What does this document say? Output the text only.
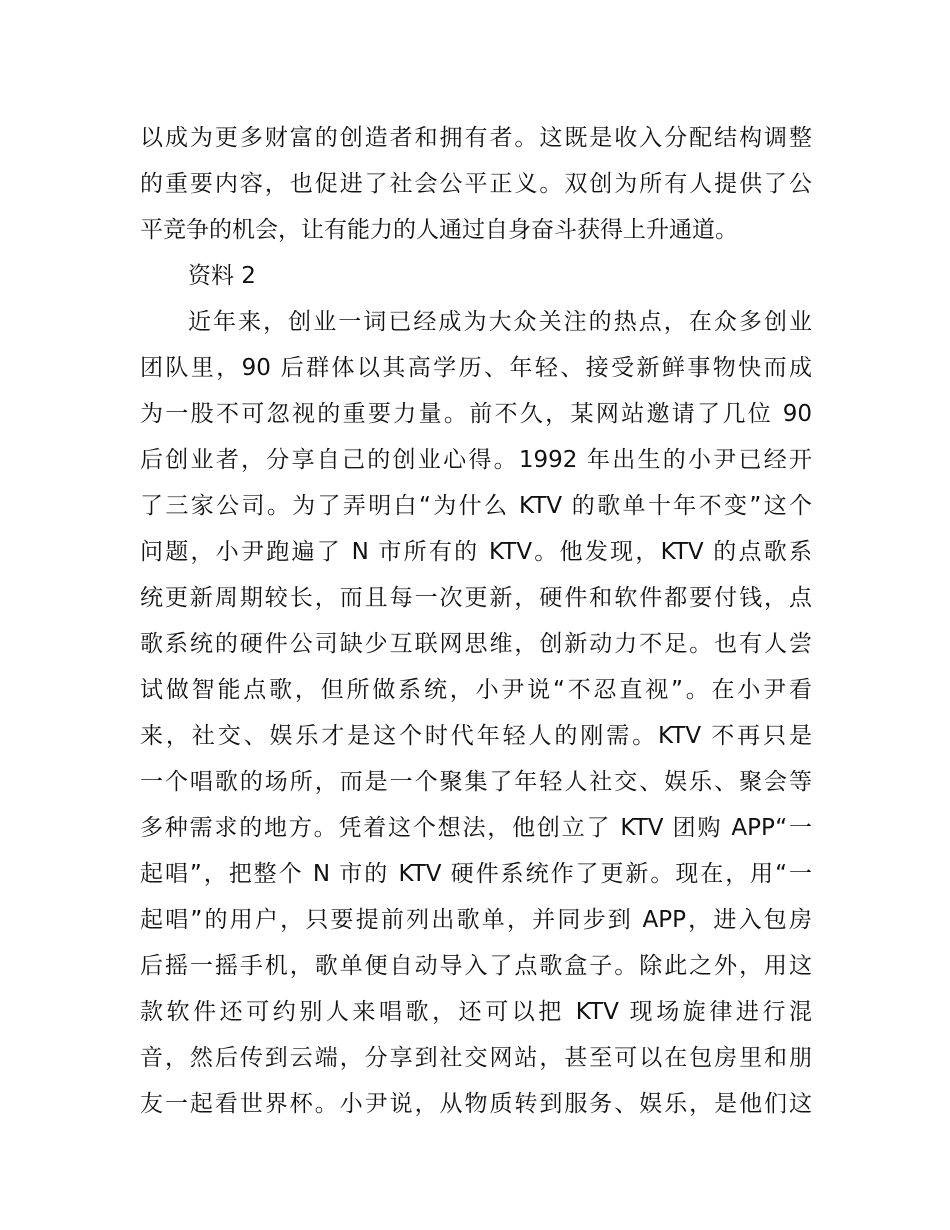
以成为更多财富的创造者和拥有者。这既是收入分配结构调整
的重要内容，也促进了社会公平正义。双创为所有人提供了公
平竞争的机会，让有能力的人通过自身奋斗获得上升通道。
资料 2
近年来，创业一词已经成为大众关注的热点，在众多创业
团队里，90 后群体以其高学历、年轻、接受新鲜事物快而成
为一股不可忽视的重要力量。前不久，某网站邀请了几位 90
后创业者，分享自己的创业心得。1992 年出生的小尹已经开
了三家公司。为了弄明白“为什么 KTV 的歌单十年不变”这个
问题，小尹跑遍了 N 市所有的 KTV。他发现，KTV 的点歌系
统更新周期较长，而且每一次更新，硬件和软件都要付钱，点
歌系统的硬件公司缺少互联网思维，创新动力不足。也有人尝
试做智能点歌，但所做系统，小尹说“不忍直视”。在小尹看
来，社交、娱乐才是这个时代年轻人的刚需。KTV 不再只是
一个唱歌的场所，而是一个聚集了年轻人社交、娱乐、聚会等
多种需求的地方。凭着这个想法，他创立了 KTV 团购 APP“一
起唱”，把整个 N 市的 KTV 硬件系统作了更新。现在，用“一
起唱”的用户，只要提前列出歌单，并同步到 APP，进入包房
后摇一摇手机，歌单便自动导入了点歌盒子。除此之外，用这
款软件还可约别人来唱歌，还可以把 KTV 现场旋律进行混
音，然后传到云端，分享到社交网站，甚至可以在包房里和朋
友一起看世界杯。小尹说，从物质转到服务、娱乐，是他们这
